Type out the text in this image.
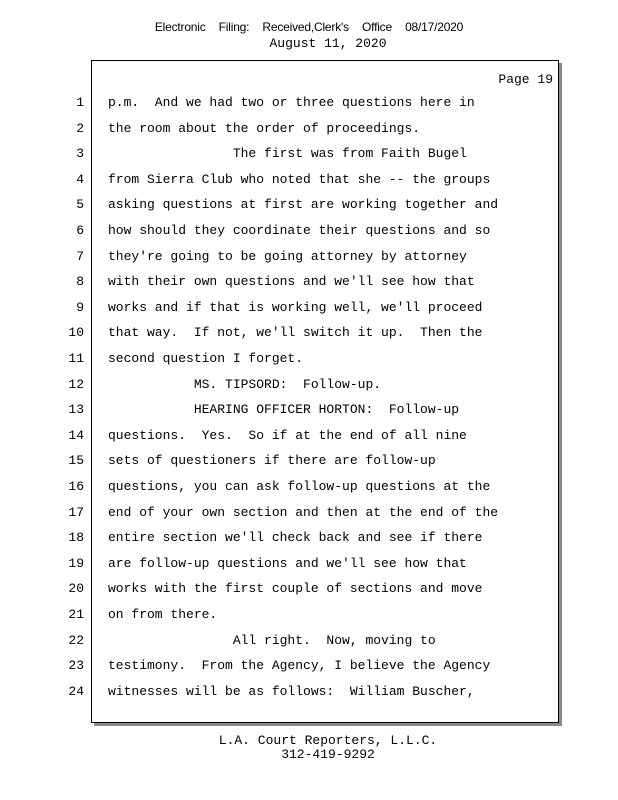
Electronic Filing: Received,Clerk's Office 08/17/2020
August 11, 2020
Page 19
1 p.m.  And we had two or three questions here in
2 the room about the order of proceedings.
3 The first was from Faith Bugel
4 from Sierra Club who noted that she -- the groups
5 asking questions at first are working together and
6 how should they coordinate their questions and so
7 they're going to be going attorney by attorney
8 with their own questions and we'll see how that
9 works and if that is working well, we'll proceed
10 that way.  If not, we'll switch it up.  Then the
11 second question I forget.
12 MS. TIPSORD:  Follow-up.
13 HEARING OFFICER HORTON:  Follow-up
14 questions.  Yes.  So if at the end of all nine
15 sets of questioners if there are follow-up
16 questions, you can ask follow-up questions at the
17 end of your own section and then at the end of the
18 entire section we'll check back and see if there
19 are follow-up questions and we'll see how that
20 works with the first couple of sections and move
21 on from there.
22 All right.  Now, moving to
23 testimony.  From the Agency, I believe the Agency
24 witnesses will be as follows:  William Buscher,
L.A. Court Reporters, L.L.C.
312-419-9292
